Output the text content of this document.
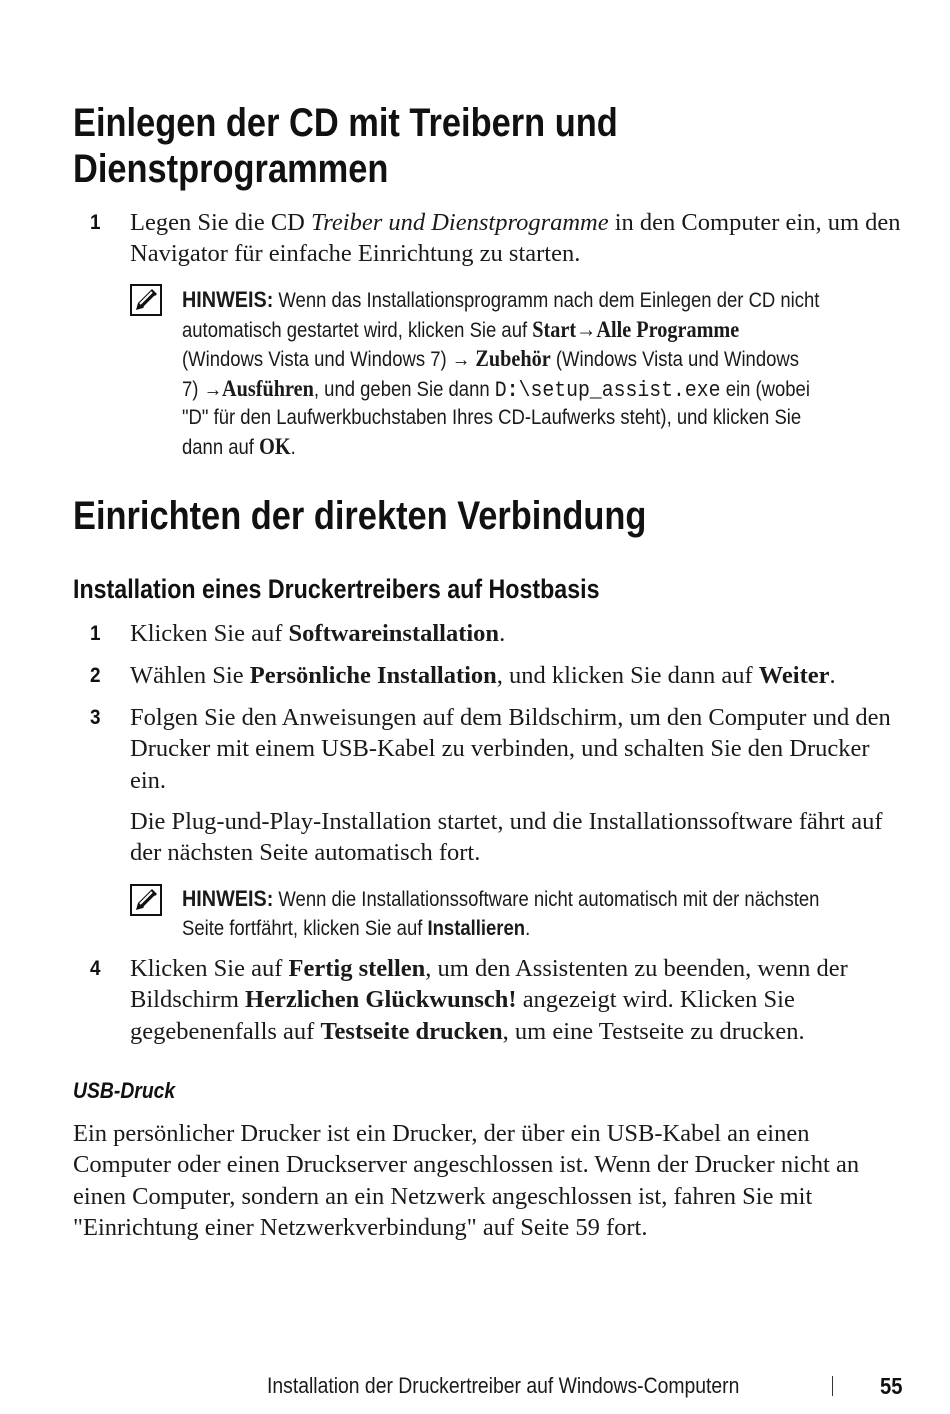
Einlegen der CD mit Treibern und
Dienstprogrammen
1 Legen Sie die CD Treiber und Dienstprogramme in den Computer ein, um den Navigator für einfache Einrichtung zu starten.

HINWEIS: Wenn das Installationsprogramm nach dem Einlegen der CD nicht automatisch gestartet wird, klicken Sie auf Start→Alle Programme (Windows Vista und Windows 7) → Zubehör (Windows Vista und Windows 7) →Ausführen, und geben Sie dann D:\setup_assist.exe ein (wobei "D" für den Laufwerkbuchstaben Ihres CD-Laufwerks steht), und klicken Sie dann auf OK.

Einrichten der direkten Verbindung
Installation eines Druckertreibers auf Hostbasis
1 Klicken Sie auf Softwareinstallation.

2 Wählen Sie Persönliche Installation, und klicken Sie dann auf Weiter.

3 Folgen Sie den Anweisungen auf dem Bildschirm, um den Computer und den Drucker mit einem USB-Kabel zu verbinden, und schalten Sie den Drucker ein.

Die Plug-und-Play-Installation startet, und die Installationssoftware fährt auf der nächsten Seite automatisch fort.

HINWEIS: Wenn die Installationssoftware nicht automatisch mit der nächsten Seite fortfährt, klicken Sie auf Installieren.

4 Klicken Sie auf Fertig stellen, um den Assistenten zu beenden, wenn der Bildschirm Herzlichen Glückwunsch! angezeigt wird. Klicken Sie gegebenenfalls auf Testseite drucken, um eine Testseite zu drucken.

USB-Druck

Ein persönlicher Drucker ist ein Drucker, der über ein USB-Kabel an einen Computer oder einen Druckserver angeschlossen ist. Wenn der Drucker nicht an einen Computer, sondern an ein Netzwerk angeschlossen ist, fahren Sie mit "Einrichtung einer Netzwerkverbindung" auf Seite 59 fort.

Installation der Druckertreiber auf Windows-Computern	55
